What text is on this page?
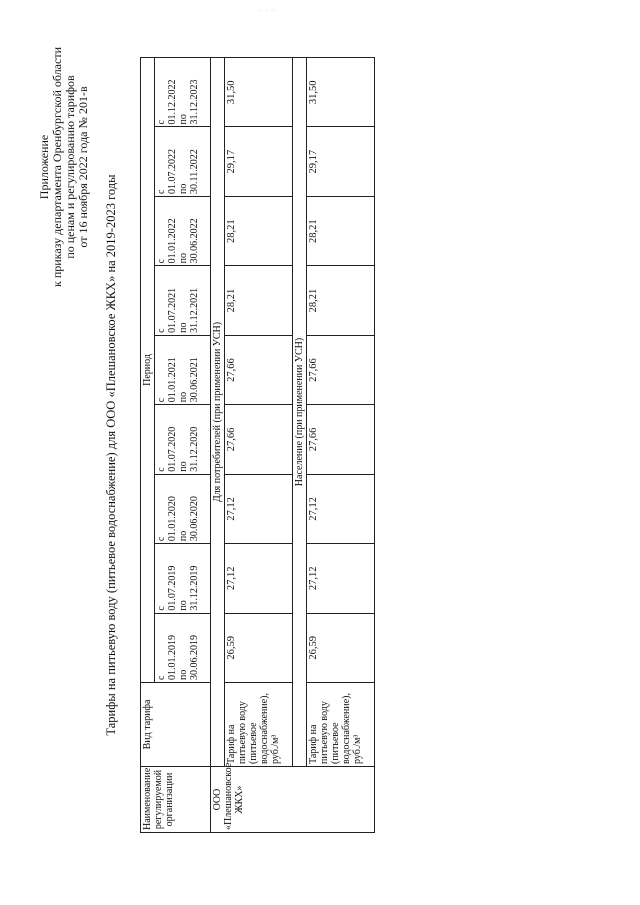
· · ·
Приложение к приказу департамента Оренбургской области по ценам и регулированию тарифов от 16 ноября 2022 года № 201-в
Тарифы на питьевую воду (питьевое водоснабжение) для ООО «Плешановское ЖКХ» на 2019-2023 годы
Наименование регулируемой организации	Вид тарифа	Период								

		с 01.01.2019 по 30.06.2019	с 01.07.2019 по 31.12.2019	с 01.01.2020 по 30.06.2020	с 01.07.2020 по 31.12.2020	с 01.01.2021 по 30.06.2021	с 01.07.2021 по 31.12.2021	с 01.01.2022 по 30.06.2022	с 01.07.2022 по 30.11.2022	с 01.12.2022 по 31.12.2023

ООО «Плешановское ЖКХ»	Для потребителей (при применении УСН)									
	Тариф на питьевую воду (питьевое водоснабжение), руб./м³	26,59	27,12	27,12	27,66	27,66	28,21	28,21	29,17	31,50
	Население (при применении УСН)									
	Тариф на питьевую воду (питьевое водоснабжение), руб./м³	26,59	27,12	27,12	27,66	27,66	28,21	28,21	29,17	31,50
